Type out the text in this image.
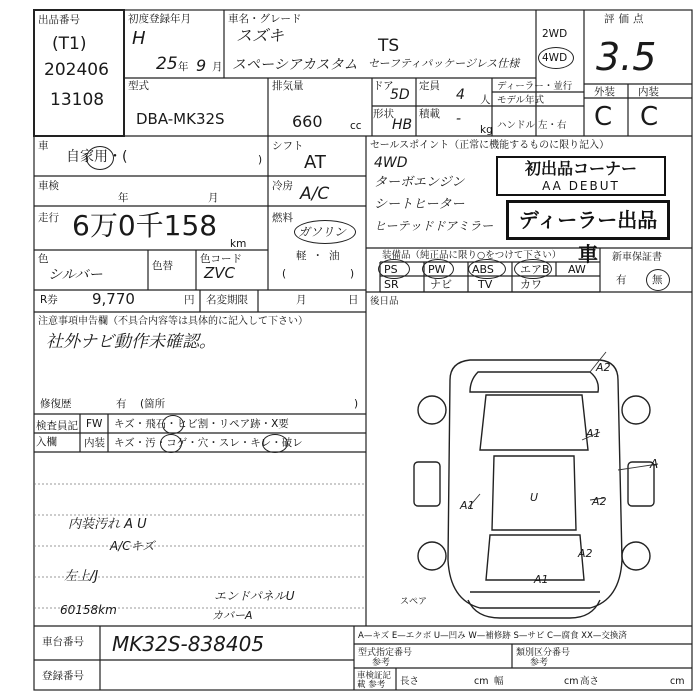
出品番号
(T1)
202406
13108
初度登録年月
H
25 年 9 月
車名・グレード
スズキ
TS
スペーシアカスタム セーフティパッケージレス仕様
2WD
4WD
評価点
3.5
型式
DBA-MK32S
排気量
660	cc
ドア
5D
形状
HB
定員
4 人
積載 -
kg
ディーラー・並行
モデル年式
ハンドル 左・右
外装 内装
C C
車
自家用・(	)
車検
年	月
走行 6万0千158
km
色
シルバー
色替
色コード
ZVC
シフト
AT
冷房 A/C
燃料
ガソリン
軽・油
(	)
R券 9,770	円 名変期限	月	日
セールスポイント（正常に機能するものに限り記入）
4WD
ターボエンジン
シートヒーター
ヒーテッドドアミラー
初出品コーナー
AA DEBUT
ディーラー出品車
装備品（純正品に限り○をつけて下さい）
PS	PW ABS エアB AW
SR	ナビ TV	カワ
新車保証書
有 無
後日品
注意事項申告欄（不具合内容等は具体的に記入して下さい）
社外ナビ動作未確認。
修復歴	有 (箇所	)
検査員記入欄
FW キズ・飛石・ヒビ割・リペア跡・X要
内装 キズ・汚・コゲ・穴・スレ・キレ・破レ
内装汚れ A U
A/Cキズ
左上/J
60158km
エンドパネルU
カバーA
A2
A1
A
A2
A1
U
A1
A2
スペア
車台番号 MK32S-838405
登録番号
A—キズ E—エクボ U—凹み W—補修跡 S—サビ C—腐食 XX—交換済
型式指定番号
参考
類別区分番号
参考
車検証記載 参考	長さ	cm 幅	cm 高さ	cm
